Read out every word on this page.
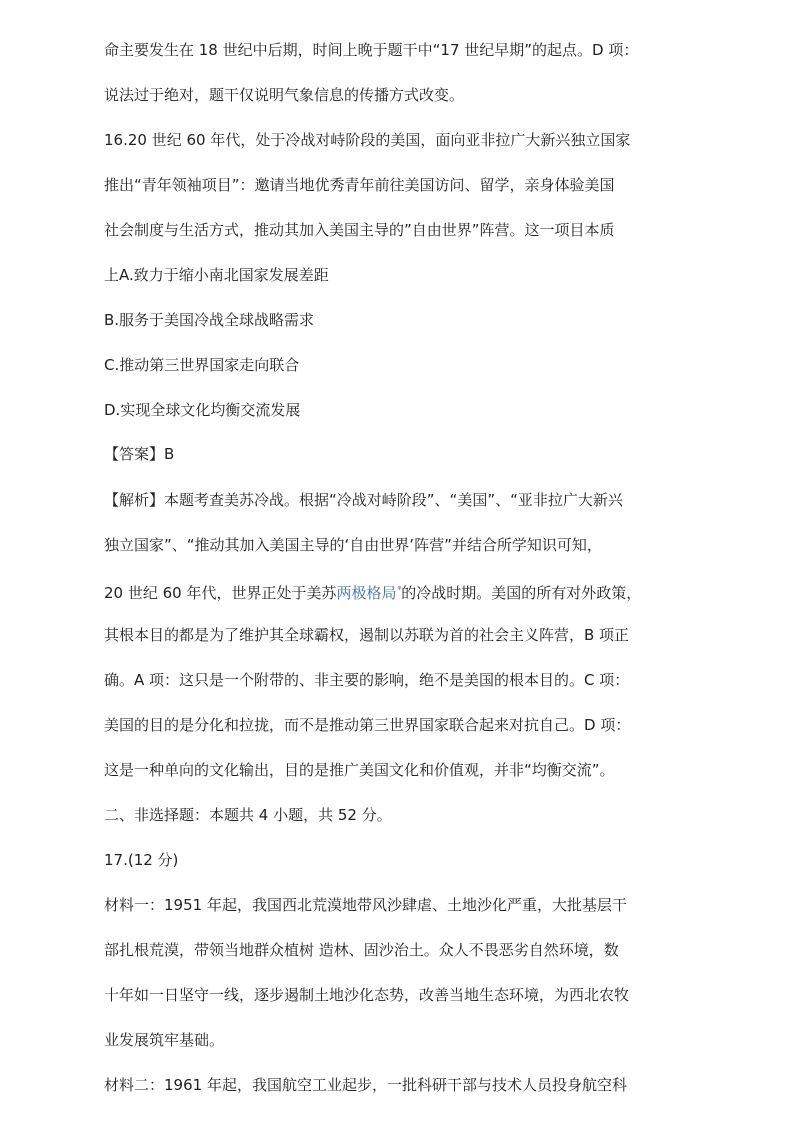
命主要发生在 18 世纪中后期，时间上晚于题干中“17 世纪早期”的起点。D 项：
说法过于绝对，题干仅说明气象信息的传播方式改变。
16.20 世纪 60 年代，处于冷战对峙阶段的美国，面向亚非拉广大新兴独立国家
推出“青年领袖项目”：邀请当地优秀青年前往美国访问、留学，亲身体验美国
社会制度与生活方式，推动其加入美国主导的”自由世界”阵营。这一项目本质
上A.致力于缩小南北国家发展差距
B.服务于美国冷战全球战略需求
C.推动第三世界国家走向联合
D.实现全球文化均衡交流发展
【答案】B
【解析】本题考查美苏冷战。根据“冷战对峙阶段”、“美国”、“亚非拉广大新兴
独立国家”、“推动其加入美国主导的‘自由世界’阵营”并结合所学知识可知，
20 世纪 60 年代，世界正处于美苏两极格局$^ᵠ$的冷战时期。美国的所有对外政策，
其根本目的都是为了维护其全球霸权，遏制以苏联为首的社会主义阵营，B 项正
确。A 项：这只是一个附带的、非主要的影响，绝不是美国的根本目的。C 项：
美国的目的是分化和拉拢，而不是推动第三世界国家联合起来对抗自己。D 项：
这是一种单向的文化输出，目的是推广美国文化和价值观，并非“均衡交流”。
二、非选择题：本题共 4 小题，共 52 分。
17.(12 分)
材料一：1951 年起，我国西北荒漠地带风沙肆虐、土地沙化严重，大批基层干
部扎根荒漠，带领当地群众植树 造林、固沙治土。众人不畏恶劣自然环境，数
十年如一日坚守一线，逐步遏制土地沙化态势，改善当地生态环境，为西北农牧
业发展筑牢基础。
材料二：1961 年起，我国航空工业起步，一批科研干部与技术人员投身航空科
